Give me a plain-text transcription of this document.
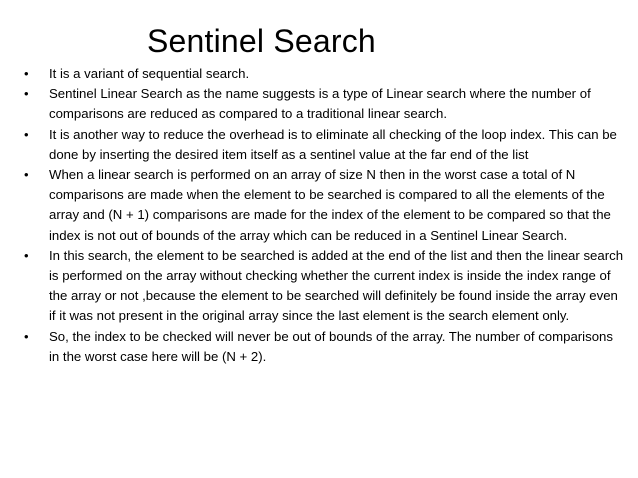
Sentinel Search
•	It is a variant of sequential search.
•	Sentinel Linear Search as the name suggests is a type of Linear search where the number of comparisons are reduced as compared to a traditional linear search.
•	It is another way to reduce the overhead is to eliminate all checking of the loop index. This can be done by inserting the desired item itself as a sentinel value at the far end of the list
•	When a linear search is performed on an array of size N then in the worst case a total of N comparisons are made when the element to be searched is compared to all the elements of the array and (N + 1) comparisons are made for the index of the element to be compared so that the index is not out of bounds of the array which can be reduced in a Sentinel Linear Search.
•	In this search, the element to be searched is added at the end of the list and then the linear search is performed on the array without checking whether the current index is inside the index range of the array or not ,because the element to be searched will definitely be found inside the array even if it was not present in the original array since the last element is the search element only.
•	So, the index to be checked will never be out of bounds of the array. The number of comparisons in the worst case here will be (N + 2).
